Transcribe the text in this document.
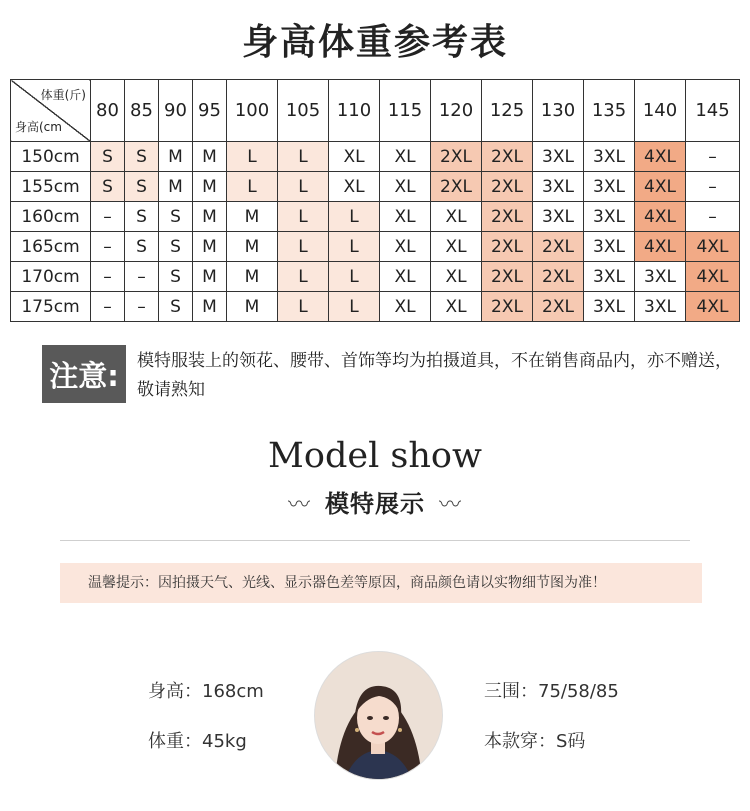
身高体重参考表
体重(斤)
身高(cm	80	85	90	95	100	105	110	115	120	125	130	135	140	145
150cm	S	S	M	M	L	L	XL	XL	2XL	2XL	3XL	3XL	4XL	–
155cm	S	S	M	M	L	L	XL	XL	2XL	2XL	3XL	3XL	4XL	–
160cm	–	S	S	M	M	L	L	XL	XL	2XL	3XL	3XL	4XL	–
165cm	–	S	S	M	M	L	L	XL	XL	2XL	2XL	3XL	4XL	4XL
170cm	–	–	S	M	M	L	L	XL	XL	2XL	2XL	3XL	3XL	4XL
175cm	–	–	S	M	M	L	L	XL	XL	2XL	2XL	3XL	3XL	4XL
注意:	模特服装上的领花、腰带、首饰等均为拍摄道具，不在销售商品内，亦不赠送，敬请熟知
Model show
〰 模特展示 〰
温馨提示：因拍摄天气、光线、显示器色差等原因，商品颜色请以实物细节图为准！
身高：168cm
体重：45kg
三围：75/58/85
本款穿：S码
